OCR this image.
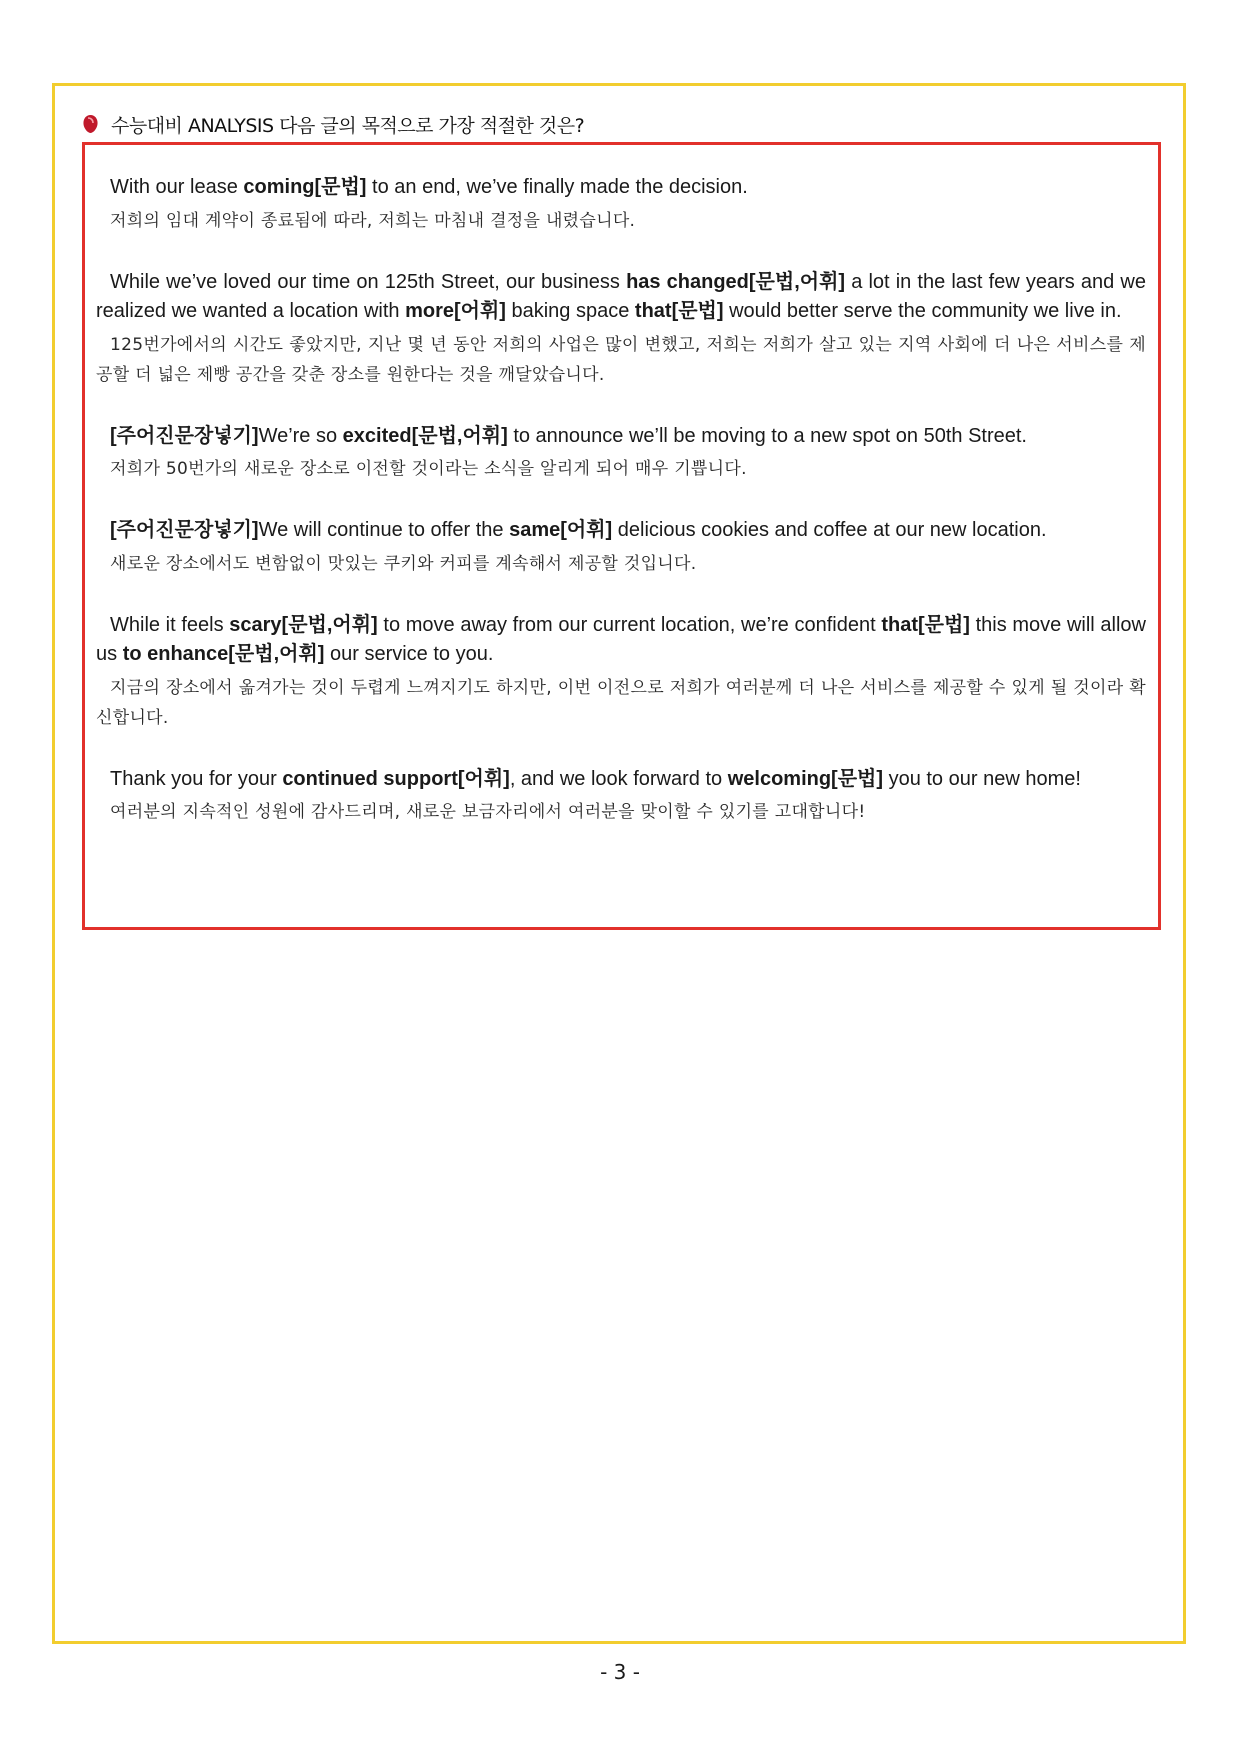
수능대비 ANALYSIS 다음 글의 목적으로 가장 적절한 것은?
With our lease coming[문법] to an end, we’ve finally made the decision.
저희의 임대 계약이 종료됨에 따라, 저희는 마침내 결정을 내렸습니다.
While we’ve loved our time on 125th Street, our business has changed[문법,어휘] a lot in the last few years and we realized we wanted a location with more[어휘] baking space that[문법] would better serve the community we live in.
125번가에서의 시간도 좋았지만, 지난 몇 년 동안 저희의 사업은 많이 변했고, 저희는 저희가 살고 있는 지역 사회에 더 나은 서비스를 제공할 더 넓은 제빵 공간을 갖춘 장소를 원한다는 것을 깨달았습니다.
[주어진문장넣기]We’re so excited[문법,어휘] to announce we’ll be moving to a new spot on 50th Street.
저희가 50번가의 새로운 장소로 이전할 것이라는 소식을 알리게 되어 매우 기쁩니다.
[주어진문장넣기]We will continue to offer the same[어휘] delicious cookies and coffee at our new location.
새로운 장소에서도 변함없이 맛있는 쿠키와 커피를 계속해서 제공할 것입니다.
While it feels scary[문법,어휘] to move away from our current location, we’re confident that[문법] this move will allow us to enhance[문법,어휘] our service to you.
지금의 장소에서 옮겨가는 것이 두렵게 느껴지기도 하지만, 이번 이전으로 저희가 여러분께 더 나은 서비스를 제공할 수 있게 될 것이라 확신합니다.
Thank you for your continued support[어휘], and we look forward to welcoming[문법] you to our new home!
여러분의 지속적인 성원에 감사드리며, 새로운 보금자리에서 여러분을 맞이할 수 있기를 고대합니다!
- 3 -
